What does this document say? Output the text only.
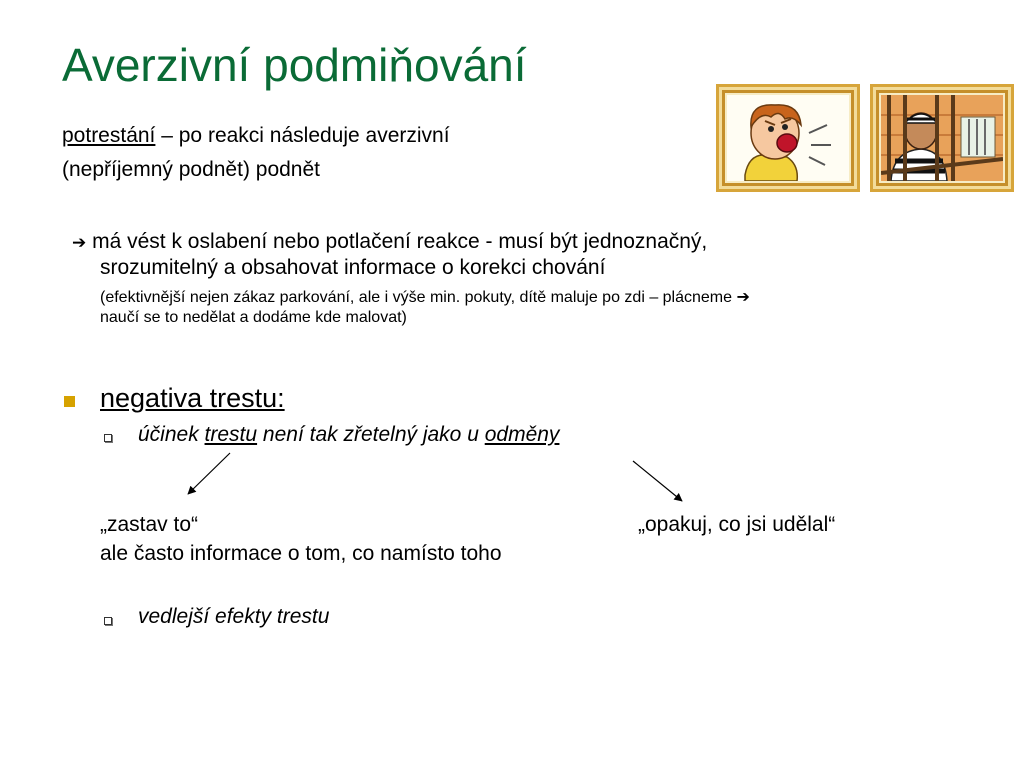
Averzivní podmiňování
potrestání – po reakci následuje averzivní
(nepříjemný podnět) podnět
➔ má vést k oslabení nebo potlačení reakce - musí být jednoznačný,
srozumitelný a obsahovat informace o korekci chování
(efektivnější nejen zákaz parkování, ale i výše min. pokuty, dítě maluje po zdi – plácneme ➔
naučí se to nedělat a dodáme kde malovat)
negativa trestu:
účinek trestu není tak zřetelný jako u odměny
„zastav to“	„opakuj, co jsi udělal“
ale často informace o tom, co namísto toho
vedlejší efekty trestu
